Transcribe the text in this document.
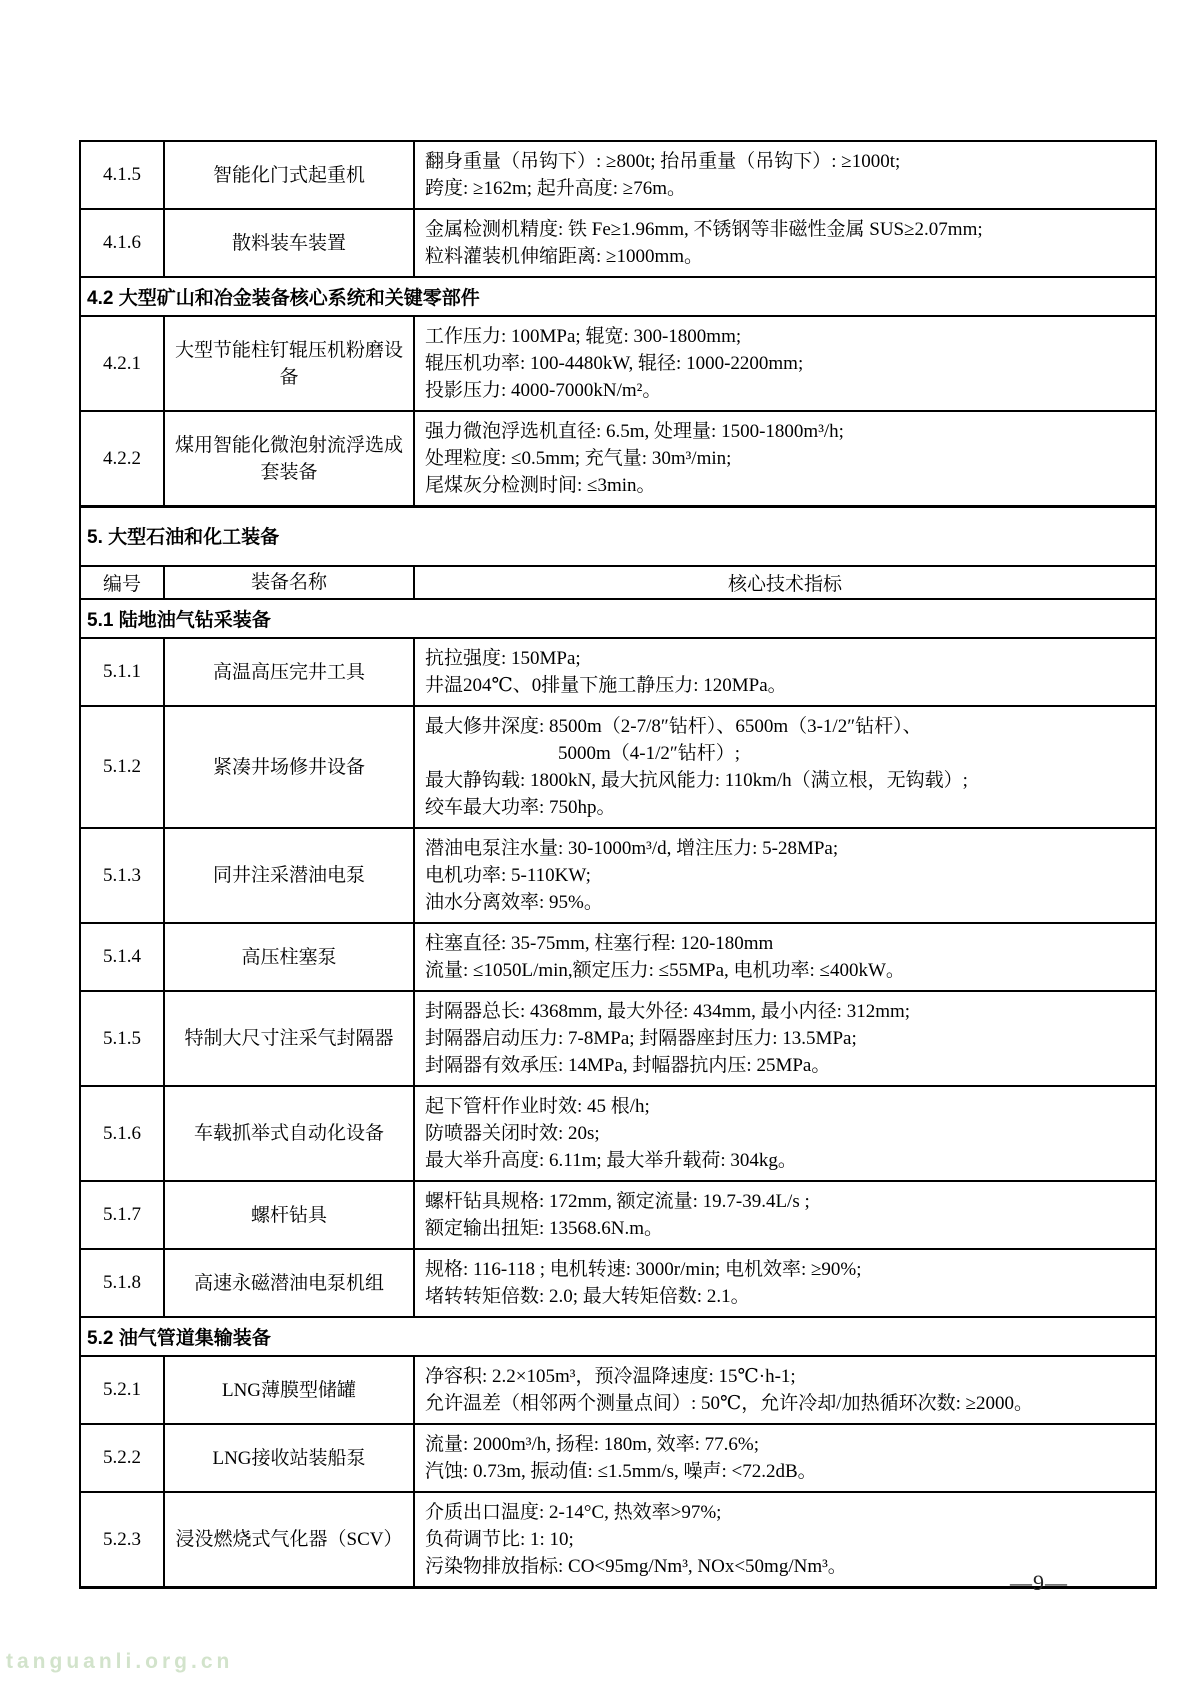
4.1.5	智能化门式起重机	翻身重量（吊钩下）: ≥800t; 抬吊重量（吊钩下）: ≥1000t;
跨度: ≥162m; 起升高度: ≥76m。

4.1.6	散料装车装置	金属检测机精度: 铁 Fe≥1.96mm, 不锈钢等非磁性金属 SUS≥2.07mm;
粒料灌装机伸缩距离: ≥1000mm。

4.2 大型矿山和冶金装备核心系统和关键零部件		
4.2.1	大型节能柱钉辊压机粉磨设备	工作压力: 100MPa; 辊宽: 300-1800mm;
辊压机功率: 100-4480kW, 辊径: 1000-2200mm;
投影压力: 4000-7000kN/m²。

4.2.2	煤用智能化微泡射流浮选成套装备	强力微泡浮选机直径: 6.5m, 处理量: 1500-1800m³/h;
处理粒度: ≤0.5mm; 充气量: 30m³/min;
尾煤灰分检测时间: ≤3min。

5. 大型石油和化工装备		
编号	装备名称	核心技术指标
5.1 陆地油气钻采装备		
5.1.1	高温高压完井工具	抗拉强度: 150MPa;
井温204℃、0排量下施工静压力: 120MPa。

5.1.2	紧凑井场修井设备	最大修井深度: 8500m（2-7/8″钻杆）、6500m（3-1/2″钻杆）、
　　　　　　　5000m（4-1/2″钻杆）;
最大静钩载: 1800kN, 最大抗风能力: 110km/h（满立根，无钩载）;
绞车最大功率: 750hp。

5.1.3	同井注采潜油电泵	潜油电泵注水量: 30-1000m³/d, 增注压力: 5-28MPa;
电机功率: 5-110KW;
油水分离效率: 95%。

5.1.4	高压柱塞泵	柱塞直径: 35-75mm, 柱塞行程: 120-180mm
流量: ≤1050L/min,额定压力: ≤55MPa, 电机功率: ≤400kW。

5.1.5	特制大尺寸注采气封隔器	封隔器总长: 4368mm, 最大外径: 434mm, 最小内径: 312mm;
封隔器启动压力: 7-8MPa; 封隔器座封压力: 13.5MPa;
封隔器有效承压: 14MPa, 封幅器抗内压: 25MPa。

5.1.6	车载抓举式自动化设备	起下管杆作业时效: 45 根/h;
防喷器关闭时效: 20s;
最大举升高度: 6.11m; 最大举升载荷: 304kg。

5.1.7	螺杆钻具	螺杆钻具规格: 172mm, 额定流量: 19.7-39.4L/s ;
额定输出扭矩: 13568.6N.m。

5.1.8	高速永磁潜油电泵机组	规格: 116-118 ; 电机转速: 3000r/min; 电机效率: ≥90%;
堵转转矩倍数: 2.0; 最大转矩倍数: 2.1。

5.2 油气管道集输装备		
5.2.1	LNG薄膜型储罐	净容积: 2.2×105m³，预冷温降速度: 15℃·h-1;
允许温差（相邻两个测量点间）: 50℃，允许冷却/加热循环次数: ≥2000。

5.2.2	LNG接收站装船泵	流量: 2000m³/h, 扬程: 180m, 效率: 77.6%;
汽蚀: 0.73m, 振动值: ≤1.5mm/s, 噪声: <72.2dB。

5.2.3	浸没燃烧式气化器（SCV）	介质出口温度: 2-14°C, 热效率>97%;
负荷调节比: 1: 10;
污染物排放指标: CO<95mg/Nm³, NOx<50mg/Nm³。
—9—
tanguanli.org.cn
